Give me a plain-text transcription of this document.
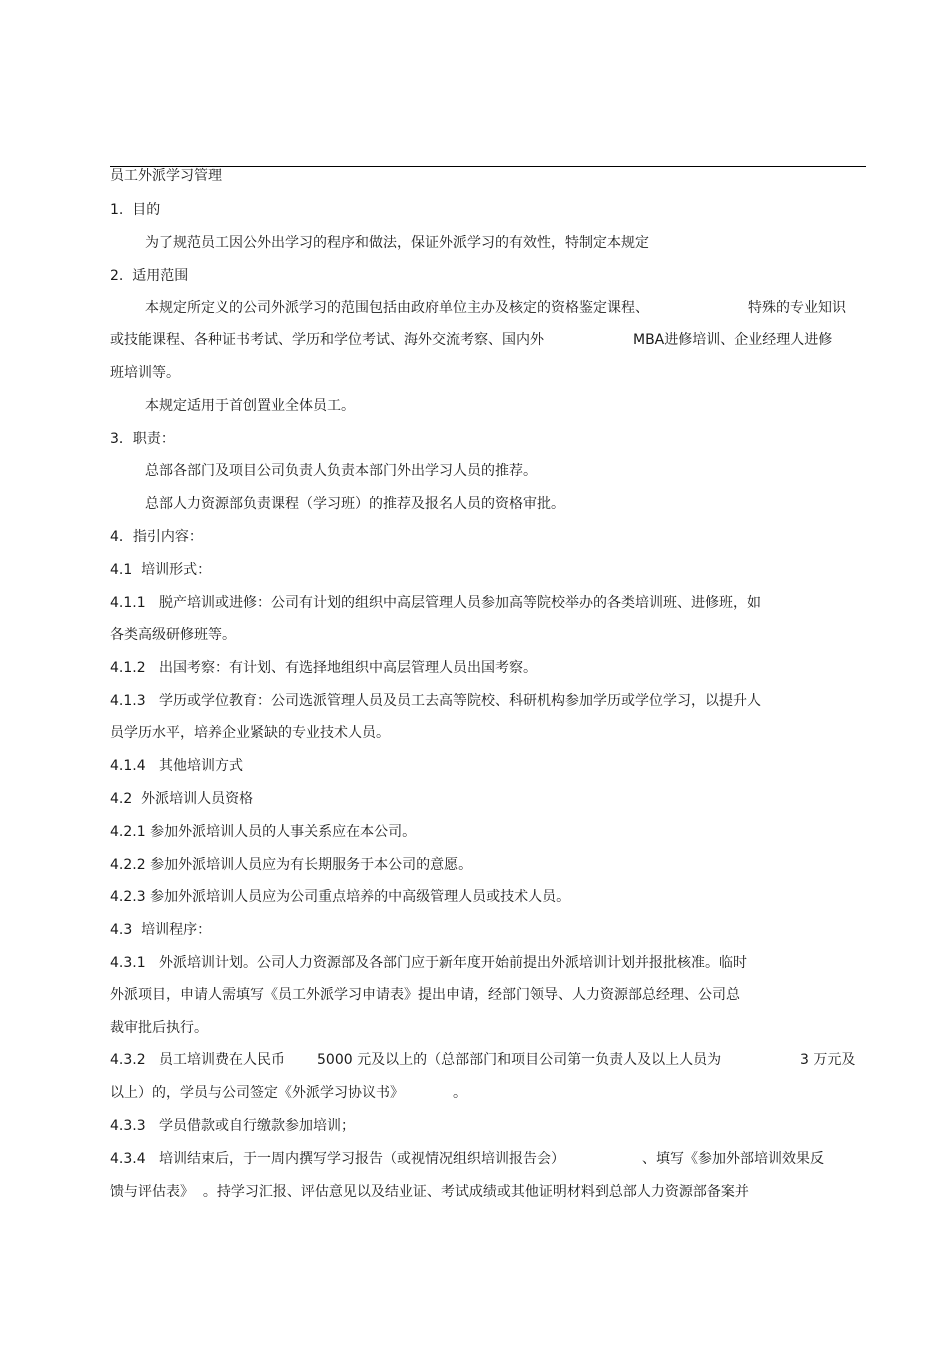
员工外派学习管理
1.  目的
为了规范员工因公外出学习的程序和做法，保证外派学习的有效性，特制定本规定
2.  适用范围

本规定所定义的公司外派学习的范围包括由政府单位主办及核定的资格鉴定课程、

	特殊的专业知识

或技能课程、各种证书考试、学历和学位考试、海外交流考察、国内外

	MBA进修培训、企业经理人进修

班培训等。
本规定适用于首创置业全体员工。
3．职责：
总部各部门及项目公司负责人负责本部门外出学习人员的推荐。
总部人力资源部负责课程（学习班）的推荐及报名人员的资格审批。
4．指引内容：
4.1  培训形式：
4.1.1   脱产培训或进修：公司有计划的组织中高层管理人员参加高等院校举办的各类培训班、进修班，如
各类高级研修班等。
4.1.2   出国考察：有计划、有选择地组织中高层管理人员出国考察。
4.1.3   学历或学位教育：公司选派管理人员及员工去高等院校、科研机构参加学历或学位学习，以提升人
员学历水平，培养企业紧缺的专业技术人员。
4.1.4   其他培训方式
4.2  外派培训人员资格
4.2.1 参加外派培训人员的人事关系应在本公司。
4.2.2 参加外派培训人员应为有长期服务于本公司的意愿。
4.2.3 参加外派培训人员应为公司重点培养的中高级管理人员或技术人员。
4.3  培训程序：
4.3.1   外派培训计划。公司人力资源部及各部门应于新年度开始前提出外派培训计划并报批核准。临时
外派项目，申请人需填写《员工外派学习申请表》提出申请，经部门领导、人力资源部总经理、公司总
裁审批后执行。

4.3.2   员工培训费在人民币

5000 元及以上的（总部部门和项目公司第一负责人及以上人员为

	3 万元及

以上）的，学员与公司签定《外派学习协议书》

	。

4.3.3   学员借款或自行缴款参加培训；

4.3.4   培训结束后，于一周内撰写学习报告（或视情况组织培训报告会）

	、填写《参加外部培训效果反

馈与评估表》  。持学习汇报、评估意见以及结业证、考试成绩或其他证明材料到总部人力资源部备案并
